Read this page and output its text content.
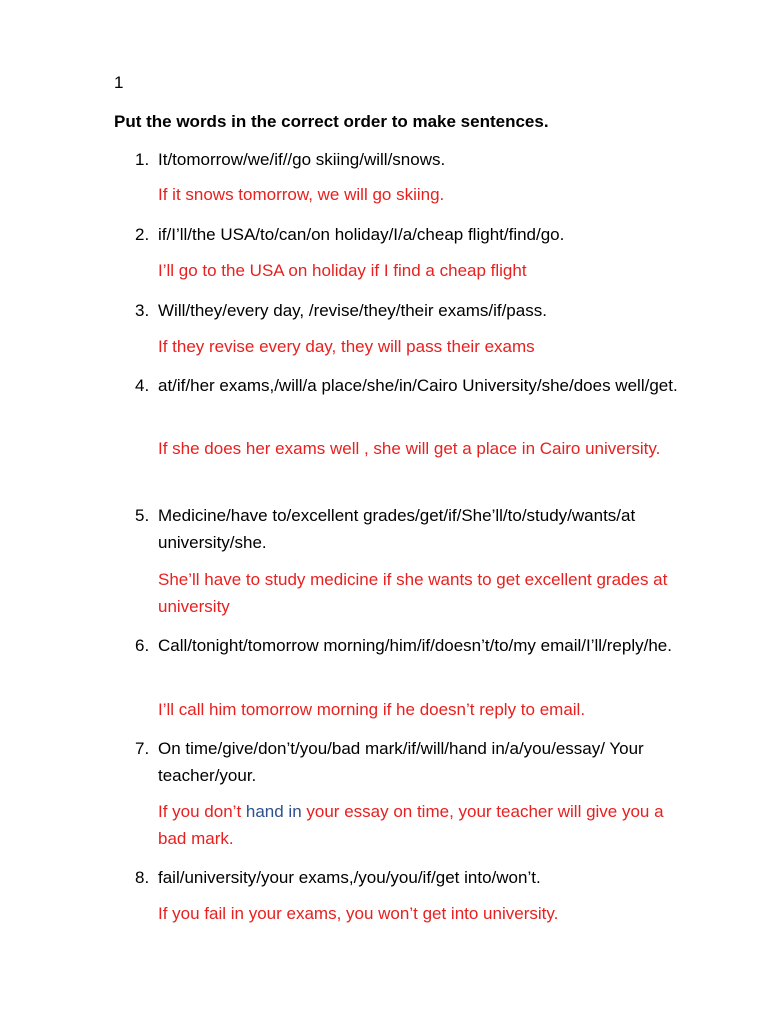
1
Put the words in the correct order to make sentences.
1. It/tomorrow/we/if//go skiing/will/snows.
If it snows tomorrow, we will go skiing.
2. if/I’ll/the USA/to/can/on holiday/I/a/cheap flight/find/go.
I’ll go to the USA on holiday if I find a cheap flight
3. Will/they/every day, /revise/they/their exams/if/pass.
If they revise every day, they will pass their exams
4. at/if/her exams,/will/a place/she/in/Cairo University/she/does well/get.
If she does her exams well , she will get a place in Cairo university.
5. Medicine/have to/excellent grades/get/if/She’ll/to/study/wants/at university/she.
She’ll have to study medicine if she wants to get excellent grades at university
6. Call/tonight/tomorrow morning/him/if/doesn’t/to/my email/I’ll/reply/he.
I’ll call him tomorrow morning if he doesn’t reply to email.
7. On time/give/don’t/you/bad mark/if/will/hand in/a/you/essay/ Your teacher/your.
If you don’t hand in your essay on time, your teacher will give you a bad mark.
8. fail/university/your exams,/you/you/if/get into/won’t.
If you fail in your exams, you won’t get into university.
